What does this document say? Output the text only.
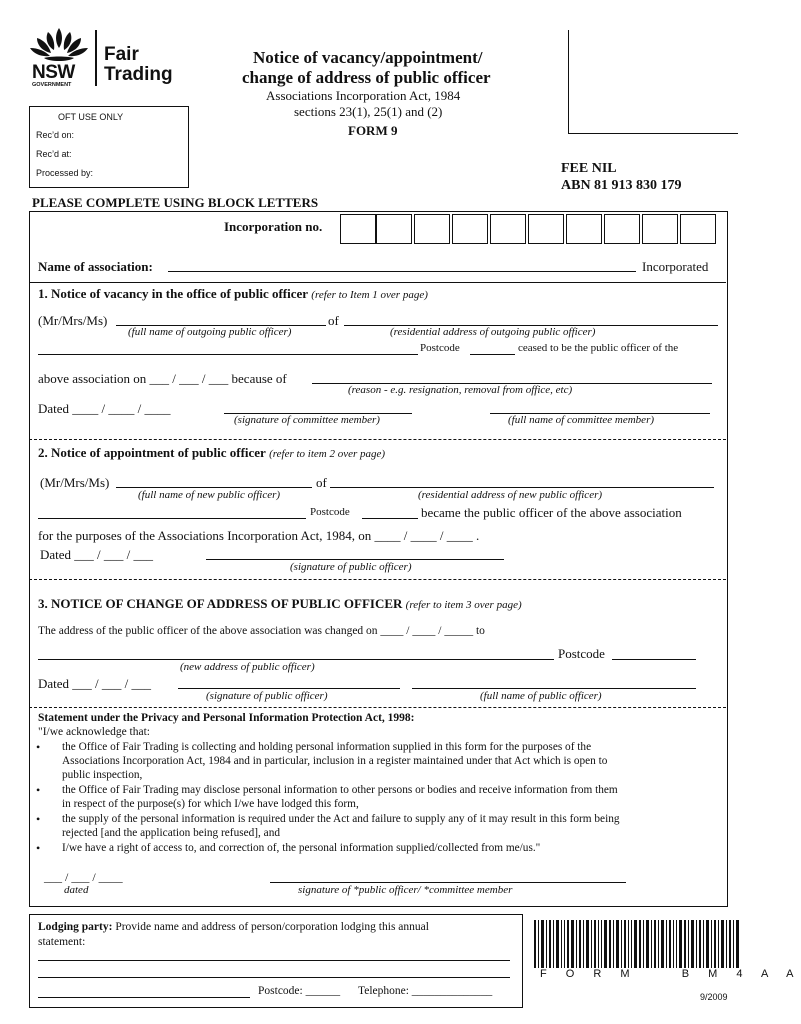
NSW
GOVERNMENT
Fair
Trading
Notice of vacancy/appointment/
change of address of public officer
Associations Incorporation Act, 1984
sections 23(1), 25(1) and (2)
FORM 9
FEE NIL
ABN 81 913 830 179
OFT USE ONLY
Rec’d on:
Rec’d at:
Processed by:
PLEASE COMPLETE USING BLOCK LETTERS
Incorporation no.
Name of association:	Incorporated
1. Notice of vacancy in the office of public officer (refer to Item 1 over page)
(Mr/Mrs/Ms)	of
(full name of outgoing public officer)	(residential address of outgoing public officer)
Postcode	ceased to be the public officer of the
above association on ___ / ___ / ___ because of
(reason - e.g. resignation, removal from office, etc)
Dated ____ / ____ / ____
(signature of committee member)	(full name of committee member)
2. Notice of appointment of public officer (refer to item 2 over page)
(Mr/Mrs/Ms)	of
(full name of new public officer)	(residential address of new public officer)
Postcode	became the public officer of the above association
for the purposes of the Associations Incorporation Act, 1984, on ____ / ____ / ____ .
Dated ___ / ___ / ___
(signature of public officer)
3. NOTICE OF CHANGE OF ADDRESS OF PUBLIC OFFICER (refer to item 3 over page)
The address of the public officer of the above association was changed on ____ / ____ / _____ to
Postcode
(new address of public officer)
Dated ___ / ___ / ___
(signature of public officer)	(full name of public officer)
Statement under the Privacy and Personal Information Protection Act, 1998:
"I/we acknowledge that:
• the Office of Fair Trading is collecting and holding personal information supplied in this form for the purposes of the
Associations Incorporation Act, 1984 and in particular, inclusion in a register maintained under that Act which is open to
public inspection,
• the Office of Fair Trading may disclose personal information to other persons or bodies and receive information from them
in respect of the purpose(s) for which I/we have lodged this form,
• the supply of the personal information is required under the Act and failure to supply any of it may result in this form being
rejected [and the application being refused], and
• I/we have a right of access to, and correction of, the personal information supplied/collected from me/us."
___ / ___ / ____
dated	signature of *public officer/ *committee member
Lodging party: Provide name and address of person/corporation lodging this annual
statement:
Postcode: ______ Telephone: ______________
F O R M    B M 4 A A
9/2009
